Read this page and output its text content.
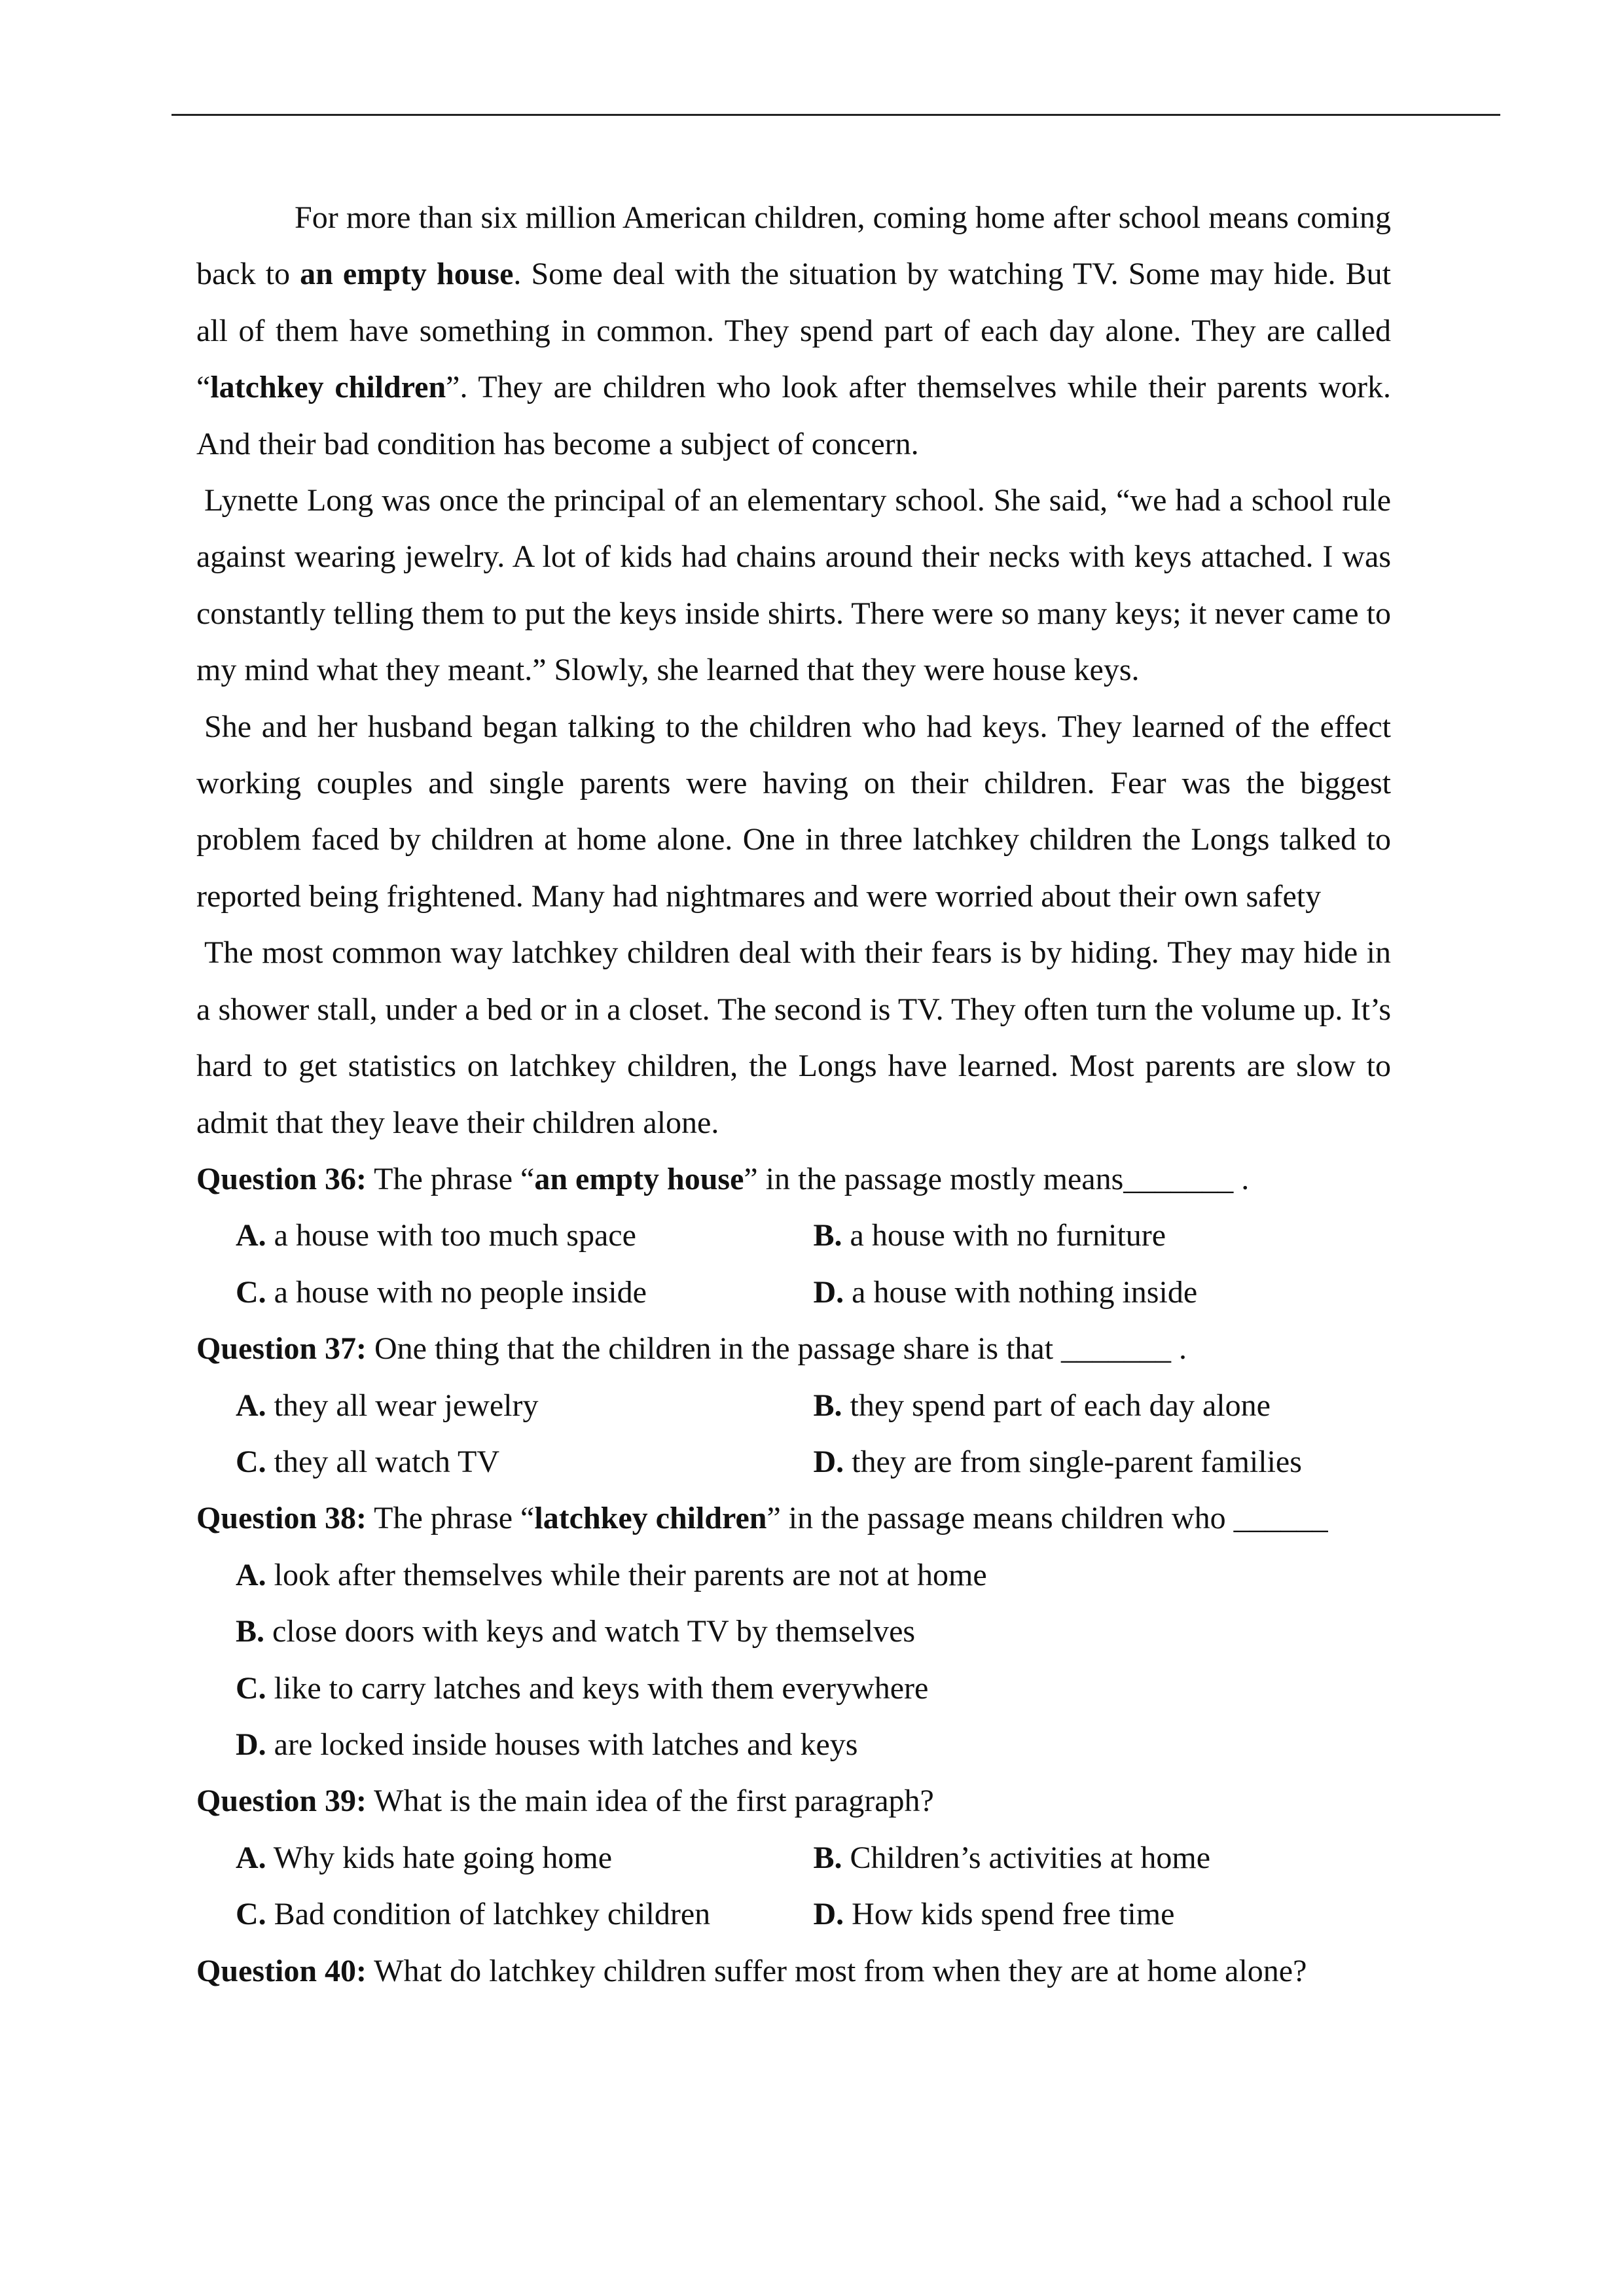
For more than six million American children, coming home after school means coming back to an empty house. Some deal with the situation by watching TV. Some may hide. But all of them have something in common. They spend part of each day alone. They are called “latchkey children”. They are children who look after themselves while their parents work. And their bad condition has become a subject of concern.

Lynette Long was once the principal of an elementary school. She said, “we had a school rule against wearing jewelry. A lot of kids had chains around their necks with keys attached. I was constantly telling them to put the keys inside shirts. There were so many keys; it never came to my mind what they meant.” Slowly, she learned that they were house keys.

She and her husband began talking to the children who had keys. They learned of the effect working couples and single parents were having on their children. Fear was the biggest problem faced by children at home alone. One in three latchkey children the Longs talked to reported being frightened. Many had nightmares and were worried about their own safety

The most common way latchkey children deal with their fears is by hiding. They may hide in a shower stall, under a bed or in a closet. The second is TV. They often turn the volume up. It’s hard to get statistics on latchkey children, the Longs have learned. Most parents are slow to admit that they leave their children alone.

Question 36: The phrase “an empty house” in the passage mostly means_______ .

A. a house with too much space	B. a house with no furniture
C. a house with no people inside	D. a house with nothing inside

Question 37: One thing that the children in the passage share is that _______ .

A. they all wear jewelry	B. they spend part of each day alone
C. they all watch TV	D. they are from single-parent families

Question 38: The phrase “latchkey children” in the passage means children who ______

A. look after themselves while their parents are not at home
B. close doors with keys and watch TV by themselves
C. like to carry latches and keys with them everywhere
D. are locked inside houses with latches and keys

Question 39: What is the main idea of the first paragraph?

A. Why kids hate going home	B. Children’s activities at home
C. Bad condition of latchkey children	D. How kids spend free time

Question 40: What do latchkey children suffer most from when they are at home alone?
